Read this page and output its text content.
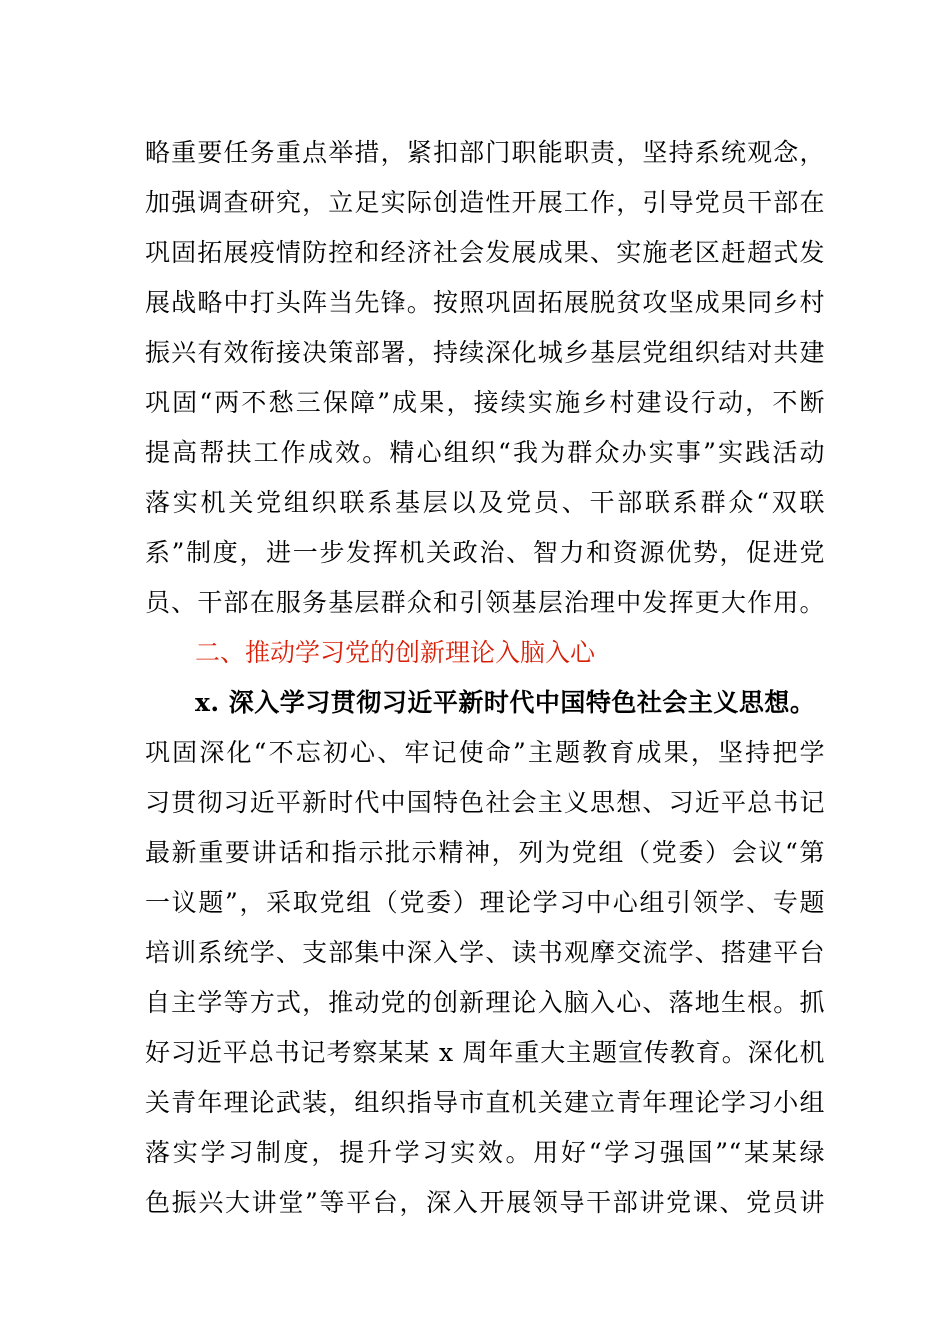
略重要任务重点举措，紧扣部门职能职责，坚持系统观念，
加强调查研究，立足实际创造性开展工作，引导党员干部在
巩固拓展疫情防控和经济社会发展成果、实施老区赶超式发
展战略中打头阵当先锋。按照巩固拓展脱贫攻坚成果同乡村
振兴有效衔接决策部署，持续深化城乡基层党组织结对共建
巩固“两不愁三保障”成果，接续实施乡村建设行动，不断
提高帮扶工作成效。精心组织“我为群众办实事”实践活动
落实机关党组织联系基层以及党员、干部联系群众“双联
系”制度，进一步发挥机关政治、智力和资源优势，促进党
员、干部在服务基层群众和引领基层治理中发挥更大作用。
二、推动学习党的创新理论入脑入心
x. 深入学习贯彻习近平新时代中国特色社会主义思想。
巩固深化“不忘初心、牢记使命”主题教育成果，坚持把学
习贯彻习近平新时代中国特色社会主义思想、习近平总书记
最新重要讲话和指示批示精神，列为党组（党委）会议“第
一议题”，采取党组（党委）理论学习中心组引领学、专题
培训系统学、支部集中深入学、读书观摩交流学、搭建平台
自主学等方式，推动党的创新理论入脑入心、落地生根。抓
好习近平总书记考察某某 x 周年重大主题宣传教育。深化机
关青年理论武装，组织指导市直机关建立青年理论学习小组
落实学习制度，提升学习实效。用好“学习强国”“某某绿
色振兴大讲堂”等平台，深入开展领导干部讲党课、党员讲
